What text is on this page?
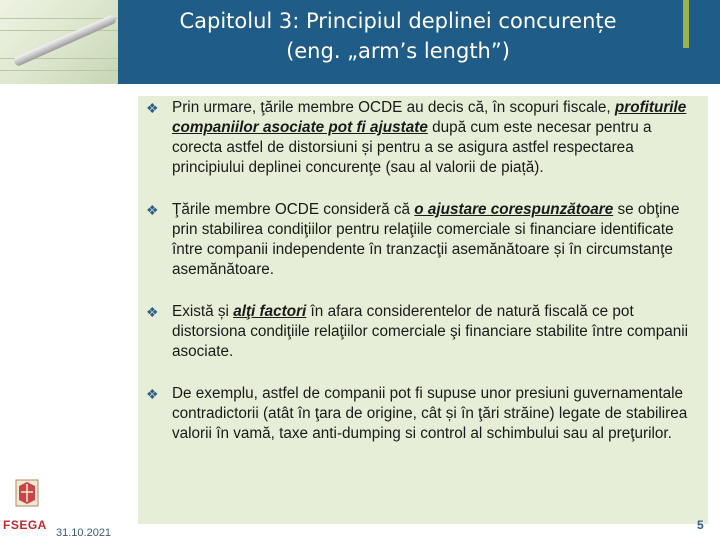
Capitolul 3: Principiul deplinei concurențe
(eng. „arm’s length”)
❖ Prin urmare, ţările membre OCDE au decis că, în scopuri fiscale, profiturile companiilor asociate pot fi ajustate după cum este necesar pentru a corecta astfel de distorsiuni și pentru a se asigura astfel respectarea principiului deplinei concurenţe (sau al valorii de piață).
❖ Ţările membre OCDE consideră că o ajustare corespunzătoare se obţine prin stabilirea condiţiilor pentru relaţiile comerciale si financiare identificate între companii independente în tranzacţii asemănătoare și în circumstanţe asemănătoare.
❖ Există și alţi factori în afara considerentelor de natură fiscală ce pot distorsiona condiţiile relaţiilor comerciale şi financiare stabilite între companii asociate.
❖ De exemplu, astfel de companii pot fi supuse unor presiuni guvernamentale contradictorii (atât în ţara de origine, cât și în ţări străine) legate de stabilirea valorii în vamă, taxe anti-dumping si control al schimbului sau al preţurilor.
FSEGA
31.10.2021
5
